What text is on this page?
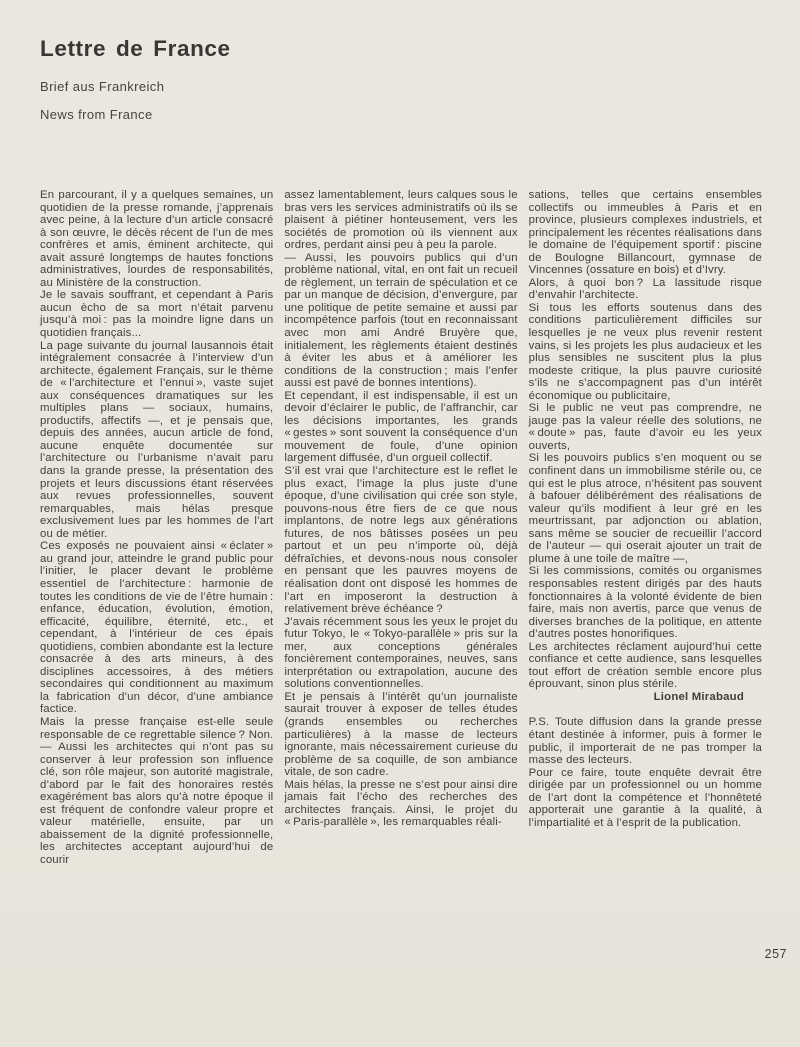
Lettre de France

Brief aus Frankreich

News from France

En parcourant, il y a quelques semaines, un quotidien de la presse romande, j’apprenais avec peine, à la lecture d’un article consacré à son œuvre, le décès récent de l’un de mes confrères et amis, éminent architecte, qui avait assuré longtemps de hautes fonctions administratives, lourdes de responsabilités, au Ministère de la construction.

Je le savais souffrant, et cependant à Paris aucun ècho de sa mort n’était parvenu jusqu’à moi : pas la moindre ligne dans un quotidien français...

La page suivante du journal lausannois était intégralement consacrée à l’interview d’un architecte, également Français, sur le thème de « l’architecture et l’ennui », vaste sujet aux conséquences dramatiques sur les multiples plans — sociaux, humains, productifs, affectifs —, et je pensais que, depuis des années, aucun article de fond, aucune enquête documentée sur l’architecture ou l’urbanisme n’avait paru dans la grande presse, la présentation des projets et leurs discussions étant réservées aux revues professionnelles, souvent remarquables, mais hélas presque exclusivement lues par les hommes de l’art ou de métier.

Ces exposés ne pouvaient ainsi « éclater » au grand jour, atteindre le grand public pour l’initier, le placer devant le problème essentiel de l’architecture : harmonie de toutes les conditions de vie de l’être humain : enfance, éducation, évolution, émotion, efficacité, équilibre, éternité, etc., et cependant, à l’intérieur de ces épais quotidiens, combien abondante est la lecture consacrée à des arts mineurs, à des disciplines accessoires, à des métiers secondaires qui conditionnent au maximum la fabrication d’un décor, d’une ambiance factice.

Mais la presse française est-elle seule responsable de ce regrettable silence ? Non. — Aussi les architectes qui n’ont pas su conserver à leur profession son influence clé, son rôle majeur, son autorité magistrale, d’abord par le fait des honoraires restés exagérément bas alors qu’à notre époque il est fréquent de confondre valeur propre et valeur matérielle, ensuite, par un abaissement de la dignité professionnelle, les architectes acceptant aujourd’hui de courir

assez lamentablement, leurs calques sous le bras vers les services administratifs où ils se plaisent à piétiner honteusement, vers les sociétés de promotion où ils viennent aux ordres, perdant ainsi peu à peu la parole.

— Aussi, les pouvoirs publics qui d’un problème national, vital, en ont fait un recueil de règlement, un terrain de spéculation et ce par un manque de décision, d’envergure, par une politique de petite semaine et aussi par incompétence parfois (tout en reconnaissant avec mon ami André Bruyère que, initialement, les règlements étaient destinés à éviter les abus et à améliorer les conditions de la construction ; mais l’enfer aussi est pavé de bonnes intentions).

Et cependant, il est indispensable, il est un devoir d’éclairer le public, de l’affranchir, car les décisions importantes, les grands « gestes » sont souvent la conséquence d’un mouvement de foule, d’une opinion largement diffusée, d’un orgueil collectif.

S’il est vrai que l’architecture est le reflet le plus exact, l’image la plus juste d’une époque, d’une civilisation qui crée son style, pouvons-nous être fiers de ce que nous implantons, de notre legs aux générations futures, de nos bâtisses posées un peu partout et un peu n’importe où, déjà défraîchies, et devons-nous nous consoler en pensant que les pauvres moyens de réalisation dont ont disposé les hommes de l’art en imposeront la destruction à relativement brève échéance ?

J’avais récemment sous les yeux le projet du futur Tokyo, le « Tokyo-parallèle » pris sur la mer, aux conceptions générales foncièrement contemporaines, neuves, sans interprétation ou extrapolation, aucune des solutions conventionnelles.

Et je pensais à l’intérêt qu’un journaliste saurait trouver à exposer de telles études (grands ensembles ou recherches particulières) à la masse de lecteurs ignorante, mais nécessairement curieuse du problème de sa coquille, de son ambiance vitale, de son cadre.

Mais hélas, la presse ne s’est pour ainsi dire jamais fait l’écho des recherches des architectes français. Ainsi, le projet du « Paris-parallèle », les remarquables réali-

sations, telles que certains ensembles collectifs ou immeubles à Paris et en province, plusieurs complexes industriels, et principalement les récentes réalisations dans le domaine de l’équipement sportif : piscine de Boulogne Billancourt, gymnase de Vincennes (ossature en bois) et d’Ivry.

Alors, à quoi bon ? La lassitude risque d’envahir l’architecte.

Si tous les efforts soutenus dans des conditions particulièrement difficiles sur lesquelles je ne veux plus revenir restent vains, si les projets les plus audacieux et les plus sensibles ne suscitent plus la plus modeste critique, la plus pauvre curiosité s’ils ne s’accompagnent pas d’un intérêt économique ou publicitaire,

Si le public ne veut pas comprendre, ne jauge pas la valeur réelle des solutions, ne « doute » pas, faute d’avoir eu les yeux ouverts,

Si les pouvoirs publics s’en moquent ou se confinent dans un immobilisme stérile ou, ce qui est le plus atroce, n’hésitent pas souvent à bafouer délibérément des réalisations de valeur qu’ils modifient à leur gré en les meurtrissant, par adjonction ou ablation, sans même se soucier de recueillir l’accord de l’auteur — qui oserait ajouter un trait de plume à une toile de maître —,

Si les commissions, comités ou organismes responsables restent dirigés par des hauts fonctionnaires à la volonté évidente de bien faire, mais non avertis, parce que venus de diverses branches de la politique, en attente d’autres postes honorifiques.

Les architectes réclament aujourd’hui cette confiance et cette audience, sans lesquelles tout effort de création semble encore plus éprouvant, sinon plus stérile.

Lionel Mirabaud

P.S. Toute diffusion dans la grande presse étant destinée à informer, puis à former le public, il importerait de ne pas tromper la masse des lecteurs.

Pour ce faire, toute enquête devrait être dirigée par un professionnel ou un homme de l’art dont la compétence et l’honnêteté apporterait une garantie à la qualité, à l’impartialité et à l’esprit de la publication.

257
